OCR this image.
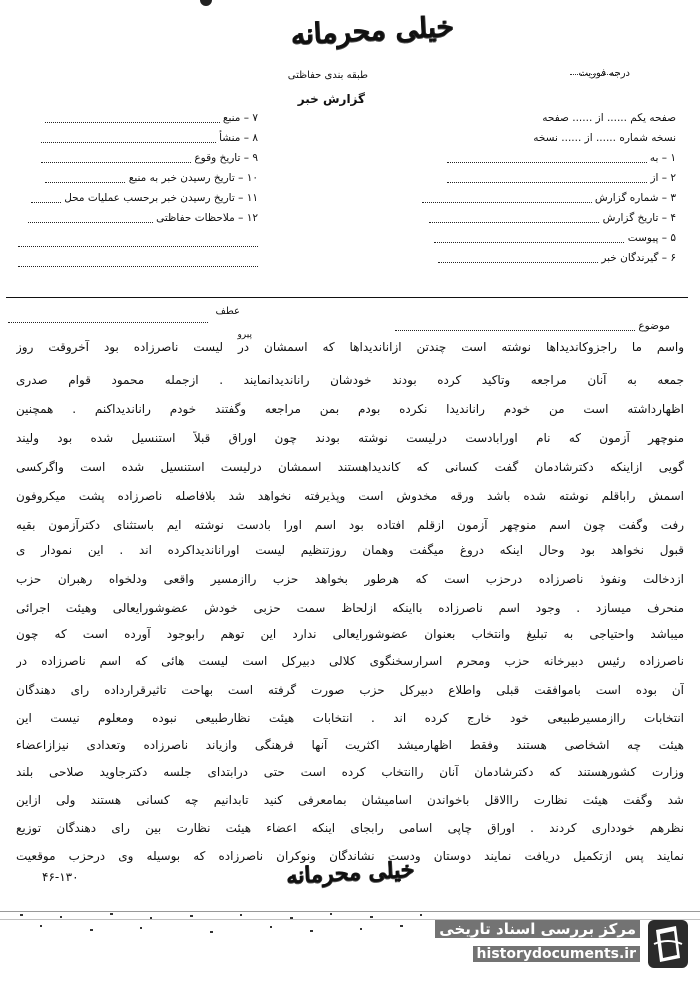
خیلی محرمانه
درجه فوریت
طبقه بندی حفاظتی
گزارش خبر
صفحه یکم ...... از ...... صفحه
نسخه شماره ...... از ...... نسخه
۱ – به
۲ – از
۳ – شماره گزارش
۴ – تاریخ گزارش
۵ – پیوست
۶ – گیرندگان خبر
۷ – منبع
۸ – منشأ
۹ – تاریخ وقوع
۱۰ – تاریخ رسیدن خبر به منبع
۱۱ – تاریخ رسیدن خبر برحسب عملیات محل
۱۲ – ملاحظات حفاظتی
موضوع
عطف
پیرو
واسم ما راجزوکاندیداها نوشته است چندتن ازاناندیداها که اسمشان در لیست ناصرزاده بود آخروقت روز
جمعه به آنان مراجعه وتاکید کرده بودند خودشان راناندیدانمایند . ازجمله محمود قوام صدری
اظهارداشته است من خودم راناندیدا نکرده بودم بمن مراجعه وگفتند خودم راناندیداکنم . همچنین
منوچهر آزمون که نام اورابادست درلیست نوشته بودند چون اوراق قبلاً استنسیل شده بود ولیند
گویی ازاینکه دکترشادمان گفت کسانی که کاندیداهستند اسمشان درلیست استنسیل شده است واگرکسی
اسمش راباقلم نوشته شده باشد ورقه مخدوش است وپذیرفته نخواهد شد بلافاصله ناصرزاده پشت میکروفون
رفت وگفت چون اسم منوچهر آزمون ازقلم افتاده بود اسم اورا بادست نوشته ایم باستثنای دکترآزمون بقیه
قبول نخواهد بود وحال اینکه دروغ میگفت وهمان روزتنظیم لیست اوراناندیداکرده اند . این نمودار ی
ازدخالت ونفوذ ناصرزاده درحزب است که هرطور بخواهد حزب راازمسیر واقعی ودلخواه رهبران حزب
منحرف میسازد . وجود اسم ناصرزاده بااینکه ازلحاظ سمت حزبی خودش عضوشورایعالی وهیئت اجرائی
میباشد واحتیاجی به تبلیغ وانتخاب بعنوان عضوشورایعالی ندارد این توهم رابوجود آورده است که چون
ناصرزاده رئیس دبیرخانه حزب ومحرم اسرارسخنگوی کلالی دبیرکل است لیست هائی که اسم ناصرزاده در
آن بوده است باموافقت قبلی واطلاع دبیرکل حزب صورت گرفته است بهاحت تاثیرقرارداده رای دهندگان
انتخابات راازمسیرطبیعی خود خارج کرده اند . انتخابات هیئت نظارطبیعی نبوده ومعلوم نیست این
هیئت چه اشخاصی هستند وفقط اظهارمیشد اکثریت آنها فرهنگی وازیاند ناصرزاده وتعدادی نیزازاعضاء
وزارت کشورهستند که دکترشادمان آنان راانتخاب کرده است حتی درابتدای جلسه دکترجاوید صلاحی بلند
شد وگفت هیئت نظارت راالاقل باخواندن اسامیشان بمامعرفی کنید تابدانیم چه کسانی هستند ولی ازاین
نظرهم خودداری کردند . اوراق چاپی اسامی رابجای اینکه اعضاء هیئت نظارت بین رای دهندگان توزیع
نمایند پس ازتکمیل دریافت نمایند دوستان ودست نشاندگان ونوکران ناصرزاده که بوسیله وی درحزب موقعیت
خیلی محرمانه
۴۶-۱۳۰
مرکز بررسی اسناد تاریخی
historydocuments.ir
